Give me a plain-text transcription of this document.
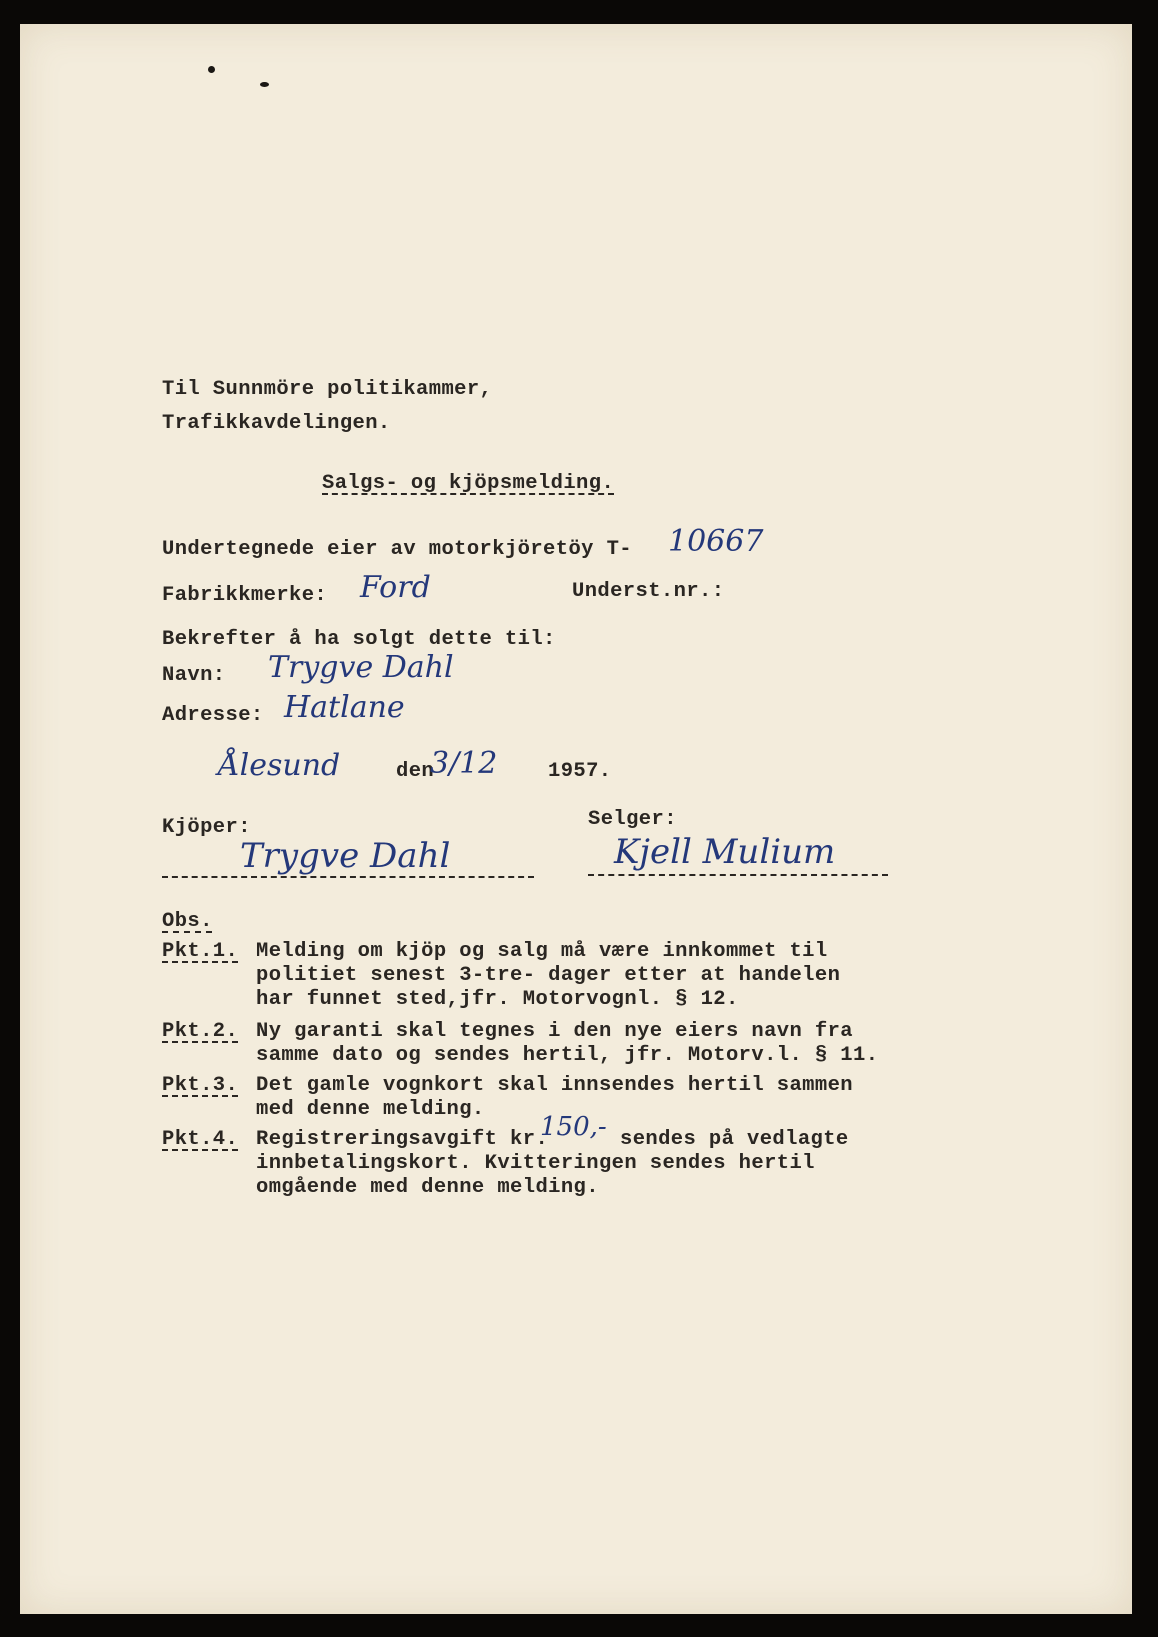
Til Sunnmöre politikammer,
Trafikkavdelingen.
Salgs- og kjöpsmelding.
Undertegnede eier av motorkjöretöy T- 10667
Fabrikkmerke: Ford	Underst.nr.:
Bekrefter å ha solgt dette til:
Navn: Trygve Dahl
Adresse: Hatlane
Ålesund	den
3/12 1957.
Kjöper:	Selger:
Trygve Dahl	Kjell Mulium
Obs.
Pkt.1. Melding om kjöp og salg må være innkommet til
politiet senest 3-tre- dager etter at handelen
har funnet sted,jfr. Motorvognl. § 12.
Pkt.2. Ny garanti skal tegnes i den nye eiers navn fra
samme dato og sendes hertil, jfr. Motorv.l. § 11.
Pkt.3. Det gamle vognkort skal innsendes hertil sammen
med denne melding.
Pkt.4. Registreringsavgift kr.
150,- sendes på vedlagte
innbetalingskort. Kvitteringen sendes hertil
omgående med denne melding.
